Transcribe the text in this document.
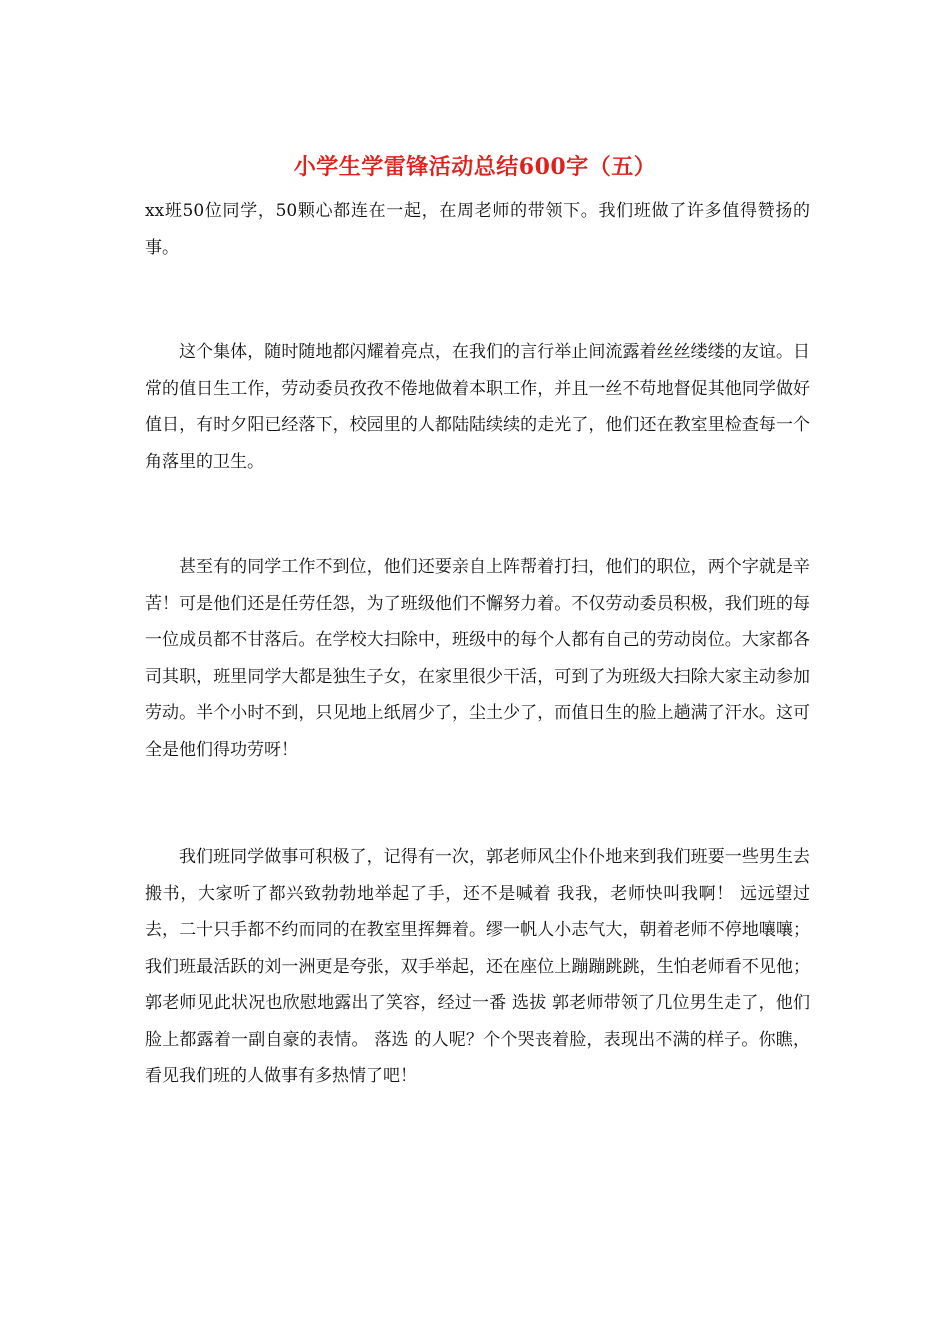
小学生学雷锋活动总结600字（五）

xx班50位同学，50颗心都连在一起，在周老师的带领下。我们班做了许多值得赞扬的事。

这个集体，随时随地都闪耀着亮点，在我们的言行举止间流露着丝丝缕缕的友谊。日常的值日生工作，劳动委员孜孜不倦地做着本职工作，并且一丝不苟地督促其他同学做好值日，有时夕阳已经落下，校园里的人都陆陆续续的走光了，他们还在教室里检查每一个角落里的卫生。

甚至有的同学工作不到位，他们还要亲自上阵帮着打扫，他们的职位，两个字就是辛苦！可是他们还是任劳任怨，为了班级他们不懈努力着。不仅劳动委员积极，我们班的每一位成员都不甘落后。在学校大扫除中，班级中的每个人都有自己的劳动岗位。大家都各司其职，班里同学大都是独生子女，在家里很少干活，可到了为班级大扫除大家主动参加劳动。半个小时不到，只见地上纸屑少了，尘土少了，而值日生的脸上趟满了汗水。这可全是他们得功劳呀！

我们班同学做事可积极了，记得有一次，郭老师风尘仆仆地来到我们班要一些男生去搬书，大家听了都兴致勃勃地举起了手，还不是喊着 我我，老师快叫我啊！ 远远望过去，二十只手都不约而同的在教室里挥舞着。缪一帆人小志气大，朝着老师不停地嚷嚷；我们班最活跃的刘一洲更是夸张，双手举起，还在座位上蹦蹦跳跳，生怕老师看不见他；郭老师见此状况也欣慰地露出了笑容，经过一番 选拔 郭老师带领了几位男生走了，他们脸上都露着一副自豪的表情。 落选 的人呢？个个哭丧着脸，表现出不满的样子。你瞧，看见我们班的人做事有多热情了吧！
